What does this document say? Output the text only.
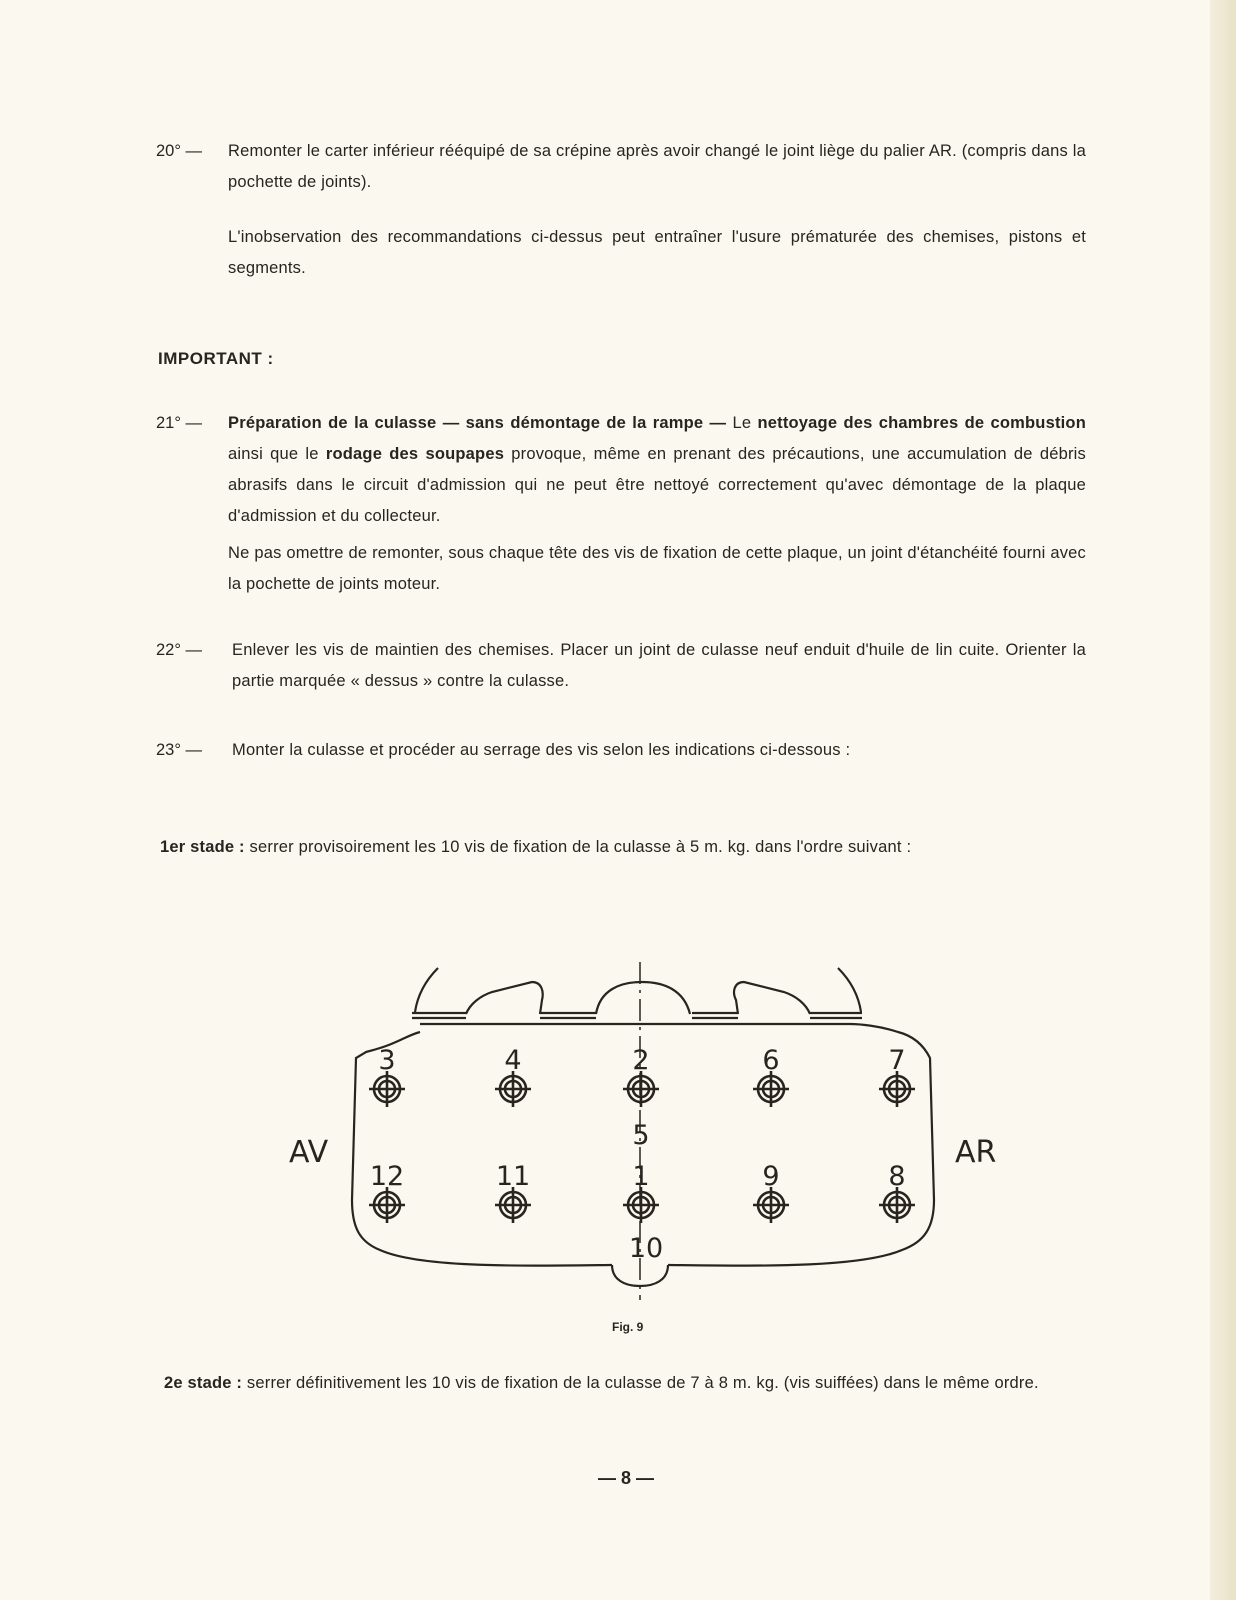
20° — Remonter le carter inférieur rééquipé de sa crépine après avoir changé le joint liège du palier AR. (compris dans la pochette de joints).
L'inobservation des recommandations ci-dessus peut entraîner l'usure prématurée des chemises, pistons et segments.
IMPORTANT :
21° — Préparation de la culasse — sans démontage de la rampe — Le nettoyage des chambres de combustion ainsi que le rodage des soupapes provoque, même en prenant des précautions, une accumulation de débris abrasifs dans le circuit d'admission qui ne peut être nettoyé correctement qu'avec démontage de la plaque d'admission et du collecteur.
Ne pas omettre de remonter, sous chaque tête des vis de fixation de cette plaque, un joint d'étanchéité fourni avec la pochette de joints moteur.
22° — Enlever les vis de maintien des chemises. Placer un joint de culasse neuf enduit d'huile de lin cuite. Orienter la partie marquée « dessus » contre la culasse.
23° — Monter la culasse et procéder au serrage des vis selon les indications ci-dessous :
1er stade : serrer provisoirement les 10 vis de fixation de la culasse à 5 m. kg. dans l'ordre suivant :
3	4	2	6	7
5
12	11	1	9	8
10
AV	AR
Fig. 9
2e stade : serrer définitivement les 10 vis de fixation de la culasse de 7 à 8 m. kg. (vis suiffées) dans le même ordre.
— 8 —
